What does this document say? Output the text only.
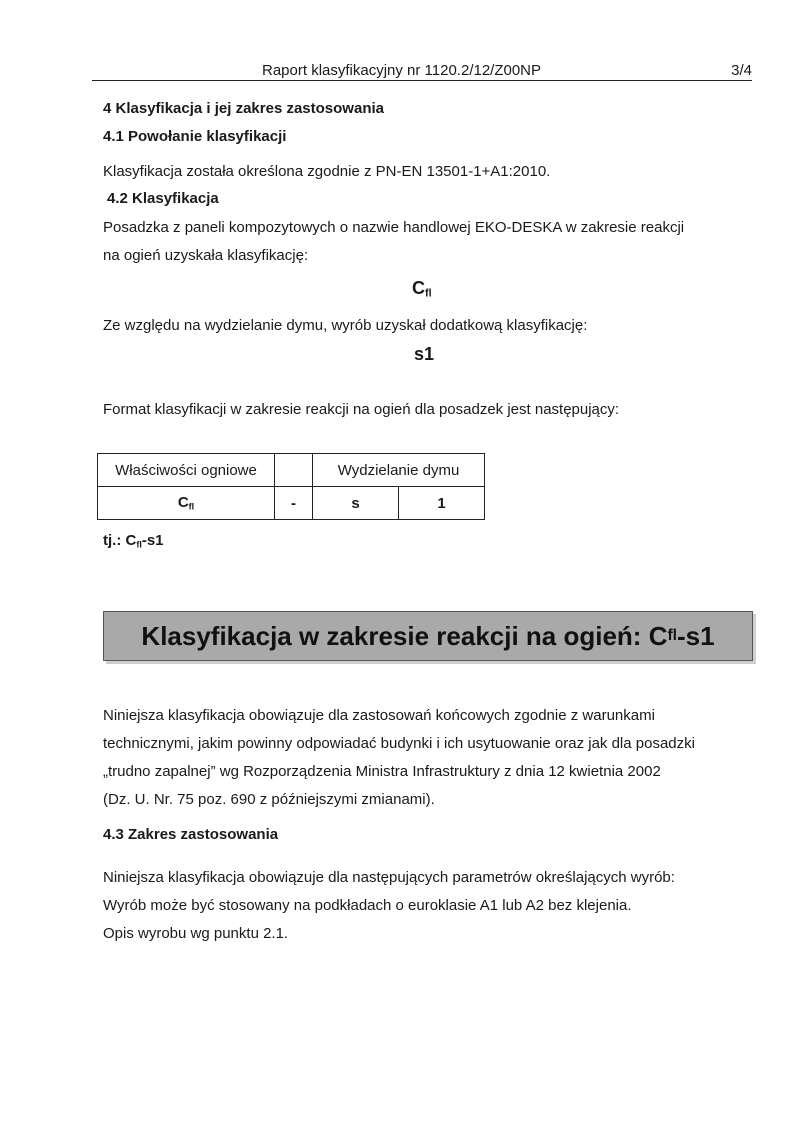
Raport klasyfikacyjny nr 1120.2/12/Z00NP	3/4
4 Klasyfikacja i jej zakres zastosowania
4.1 Powołanie klasyfikacji
Klasyfikacja została określona zgodnie z PN-EN 13501-1+A1:2010.
4.2 Klasyfikacja
Posadzka z paneli kompozytowych o nazwie handlowej EKO-DESKA w zakresie reakcji
na ogień uzyskała klasyfikację:
$C_{fl}$
Ze względu na wydzielanie dymu, wyrób uzyskał dodatkową klasyfikację:
s1
Format klasyfikacji w zakresie reakcji na ogień dla posadzek jest następujący:
Właściwości ogniowe		Wydzielanie dymu	
$C_{fl}$	-	s	1
tj.: $C_{fl}-s1$
Klasyfikacja w zakresie reakcji na ogień: C fl -s1
Niniejsza klasyfikacja obowiązuje dla zastosowań końcowych zgodnie z warunkami
technicznymi, jakim powinny odpowiadać budynki i ich usytuowanie oraz jak dla posadzki
„trudno zapalnej” wg Rozporządzenia Ministra Infrastruktury z dnia 12 kwietnia 2002
(Dz. U. Nr. 75 poz. 690 z późniejszymi zmianami).
4.3 Zakres zastosowania
Niniejsza klasyfikacja obowiązuje dla następujących parametrów określających wyrób:
Wyrób może być stosowany na podkładach o euroklasie A1 lub A2 bez klejenia.
Opis wyrobu wg punktu 2.1.
